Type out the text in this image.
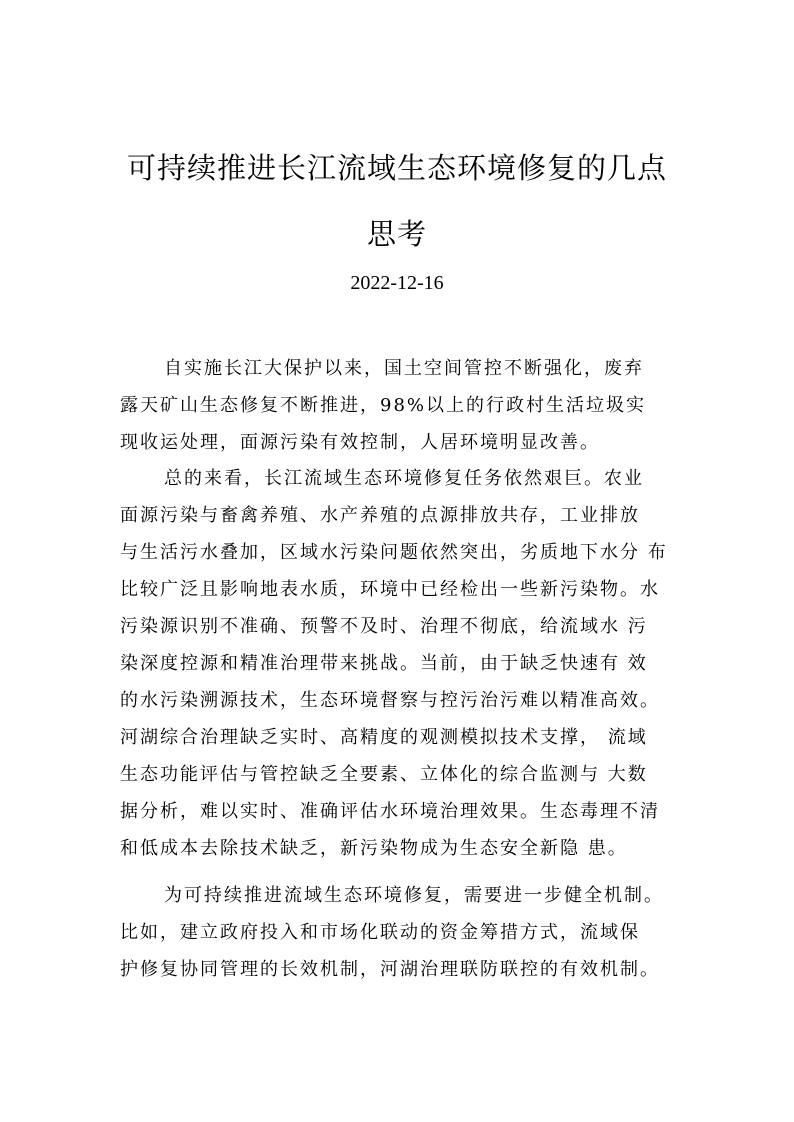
可持续推进长江流域生态环境修复的几点
思考
2022-12-16
自实施长江大保护以来，国土空间管控不断强化，废弃
露天矿山生态修复不断推进，98%以上的行政村生活垃圾实
现收运处理，面源污染有效控制，人居环境明显改善。
总的来看，长江流域生态环境修复任务依然艰巨。农业
面源污染与畜禽养殖、水产养殖的点源排放共存，工业排放
与生活污水叠加，区域水污染问题依然突出，劣质地下水分 布
比较广泛且影响地表水质，环境中已经检出一些新污染物。水
污染源识别不准确、预警不及时、治理不彻底，给流域水 污
染深度控源和精准治理带来挑战。当前，由于缺乏快速有 效
的水污染溯源技术，生态环境督察与控污治污难以精准高效。
河湖综合治理缺乏实时、高精度的观测模拟技术支撑， 流域
生态功能评估与管控缺乏全要素、立体化的综合监测与 大数
据分析，难以实时、准确评估水环境治理效果。生态毒理不清
和低成本去除技术缺乏，新污染物成为生态安全新隐 患。
为可持续推进流域生态环境修复，需要进一步健全机制。
比如，建立政府投入和市场化联动的资金筹措方式，流域保
护修复协同管理的长效机制，河湖治理联防联控的有效机制。
